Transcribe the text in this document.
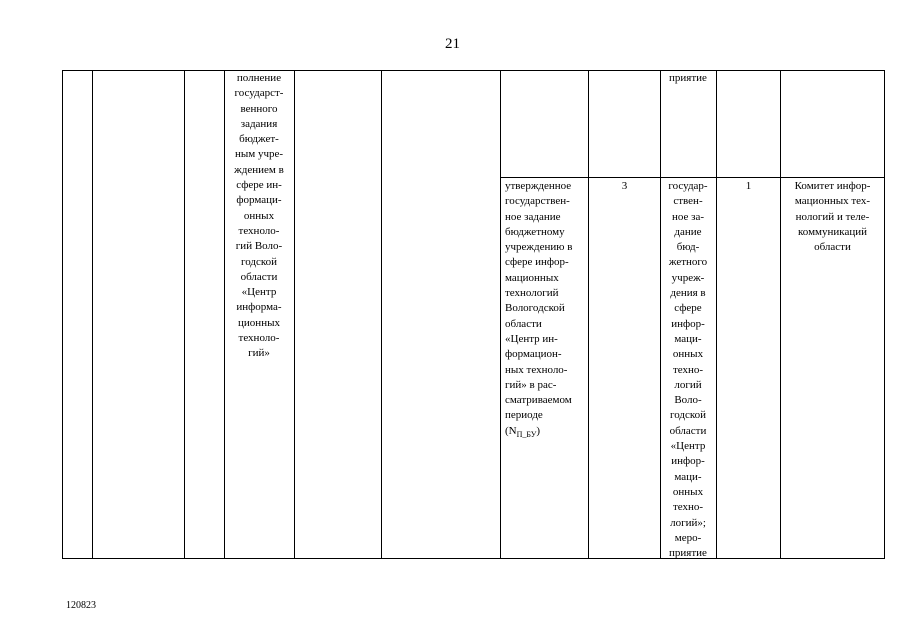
21
полнение
государст-
венного
задания
бюджет-
ным учре-
ждением в
сфере ин-
формаци-
онных
техноло-
гий Воло-
годской
области
«Центр
информа-
ционных
техноло-
гий»
приятие
утвержденное
государствен-
ное задание
бюджетному
учреждению в
сфере инфор-
мационных
технологий
Вологодской
области
«Центр ин-
формацион-
ных техноло-
гий» в рас-
сматриваемом
периоде
$(N_{П\_БУ})$
3	государ-
ствен-
ное за-
дание
бюд-
жетного
учреж-
дения в
сфере
инфор-
маци-
онных
техно-
логий
Воло-
годской
области
«Центр
инфор-
маци-
онных
техно-
логий»;
меро-
приятие
1	Комитет инфор-
мационных тех-
нологий и теле-
коммуникаций
области
120823
